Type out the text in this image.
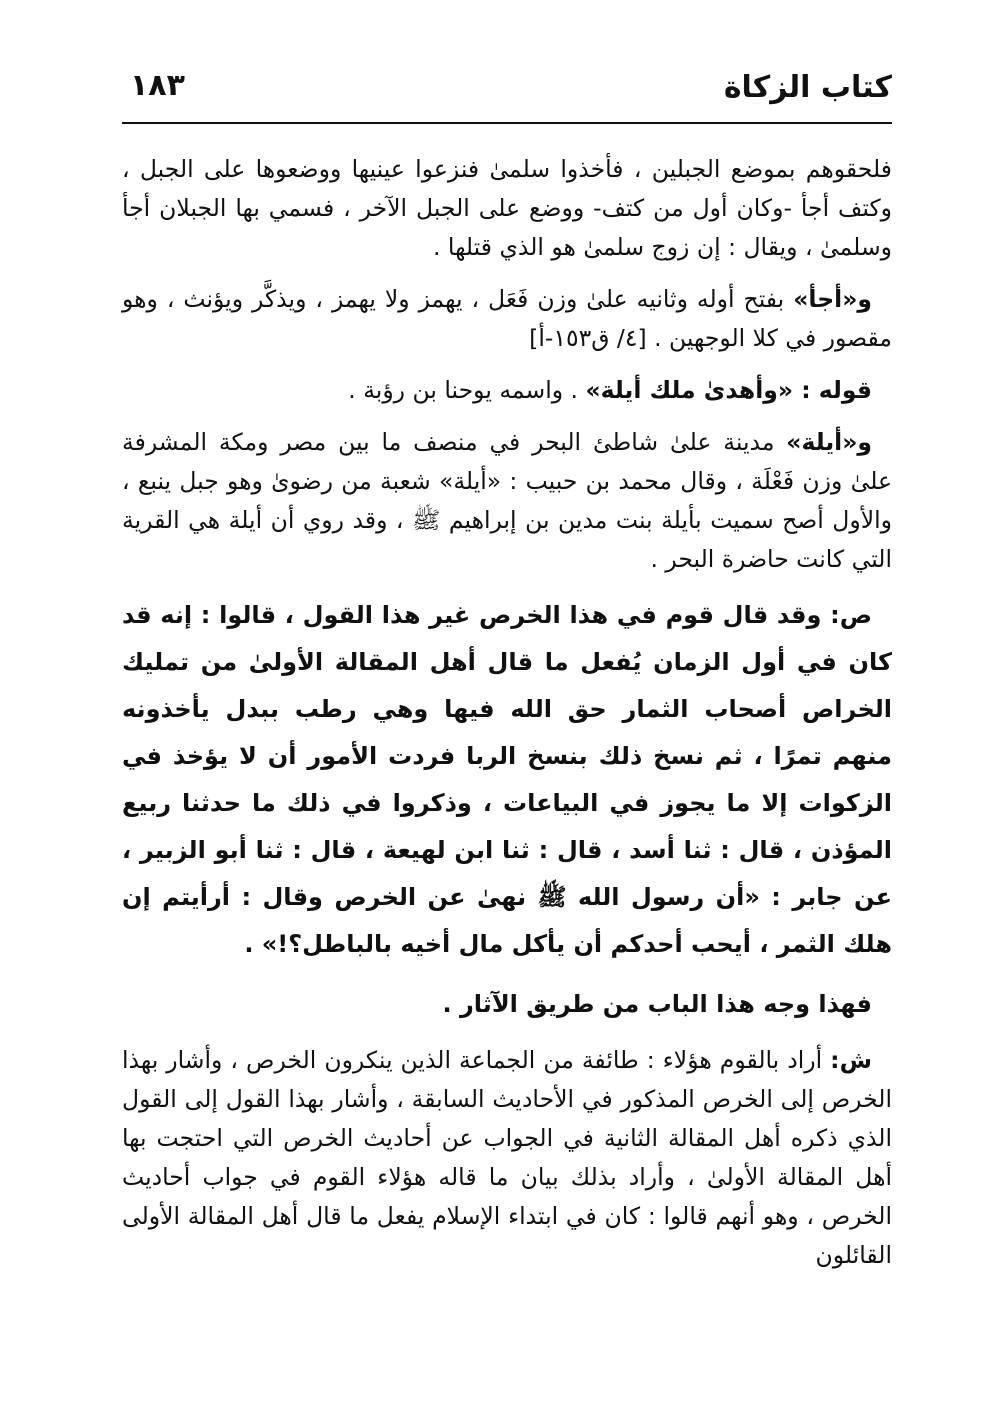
كتاب الزكاة
١٨٣

فلحقوهم بموضع الجبلين ، فأخذوا سلمىٰ فنزعوا عينيها ووضعوها على الجبل ، وكتف أجأ -وكان أول من كتف- ووضع على الجبل الآخر ، فسمي بها الجبلان أجأ وسلمىٰ ، ويقال : إن زوج سلمىٰ هو الذي قتلها .

و«أجأ» بفتح أوله وثانيه علىٰ وزن فَعَل ، يهمز ولا يهمز ، ويذكَّر ويؤنث ، وهو مقصور في كلا الوجهين . [٤/ ق١٥٣-أ]

قوله : «وأهدىٰ ملك أيلة» . واسمه يوحنا بن رؤبة .

و«أيلة» مدينة علىٰ شاطئ البحر في منصف ما بين مصر ومكة المشرفة علىٰ وزن فَعْلَة ، وقال محمد بن حبيب : «أيلة» شعبة من رضوىٰ وهو جبل ينبع ، والأول أصح سميت بأيلة بنت مدين بن إبراهيم ﷺ ، وقد روي أن أيلة هي القرية التي كانت حاضرة البحر .

ص: وقد قال قوم في هذا الخرص غير هذا القول ، قالوا : إنه قد كان في أول الزمان يُفعل ما قال أهل المقالة الأولىٰ من تمليك الخراص أصحاب الثمار حق الله فيها وهي رطب ببدل يأخذونه منهم تمرًا ، ثم نسخ ذلك بنسخ الربا فردت الأمور أن لا يؤخذ في الزكوات إلا ما يجوز في البياعات ، وذكروا في ذلك ما حدثنا ربيع المؤذن ، قال : ثنا أسد ، قال : ثنا ابن لهيعة ، قال : ثنا أبو الزبير ، عن جابر : «أن رسول الله ﷺ نهىٰ عن الخرص وقال : أرأيتم إن هلك الثمر ، أيحب أحدكم أن يأكل مال أخيه بالباطل؟!» .

فهذا وجه هذا الباب من طريق الآثار .

ش: أراد بالقوم هؤلاء : طائفة من الجماعة الذين ينكرون الخرص ، وأشار بهذا الخرص إلى الخرص المذكور في الأحاديث السابقة ، وأشار بهذا القول إلى القول الذي ذكره أهل المقالة الثانية في الجواب عن أحاديث الخرص التي احتجت بها أهل المقالة الأولىٰ ، وأراد بذلك بيان ما قاله هؤلاء القوم في جواب أحاديث الخرص ، وهو أنهم قالوا : كان في ابتداء الإسلام يفعل ما قال أهل المقالة الأولى القائلون
